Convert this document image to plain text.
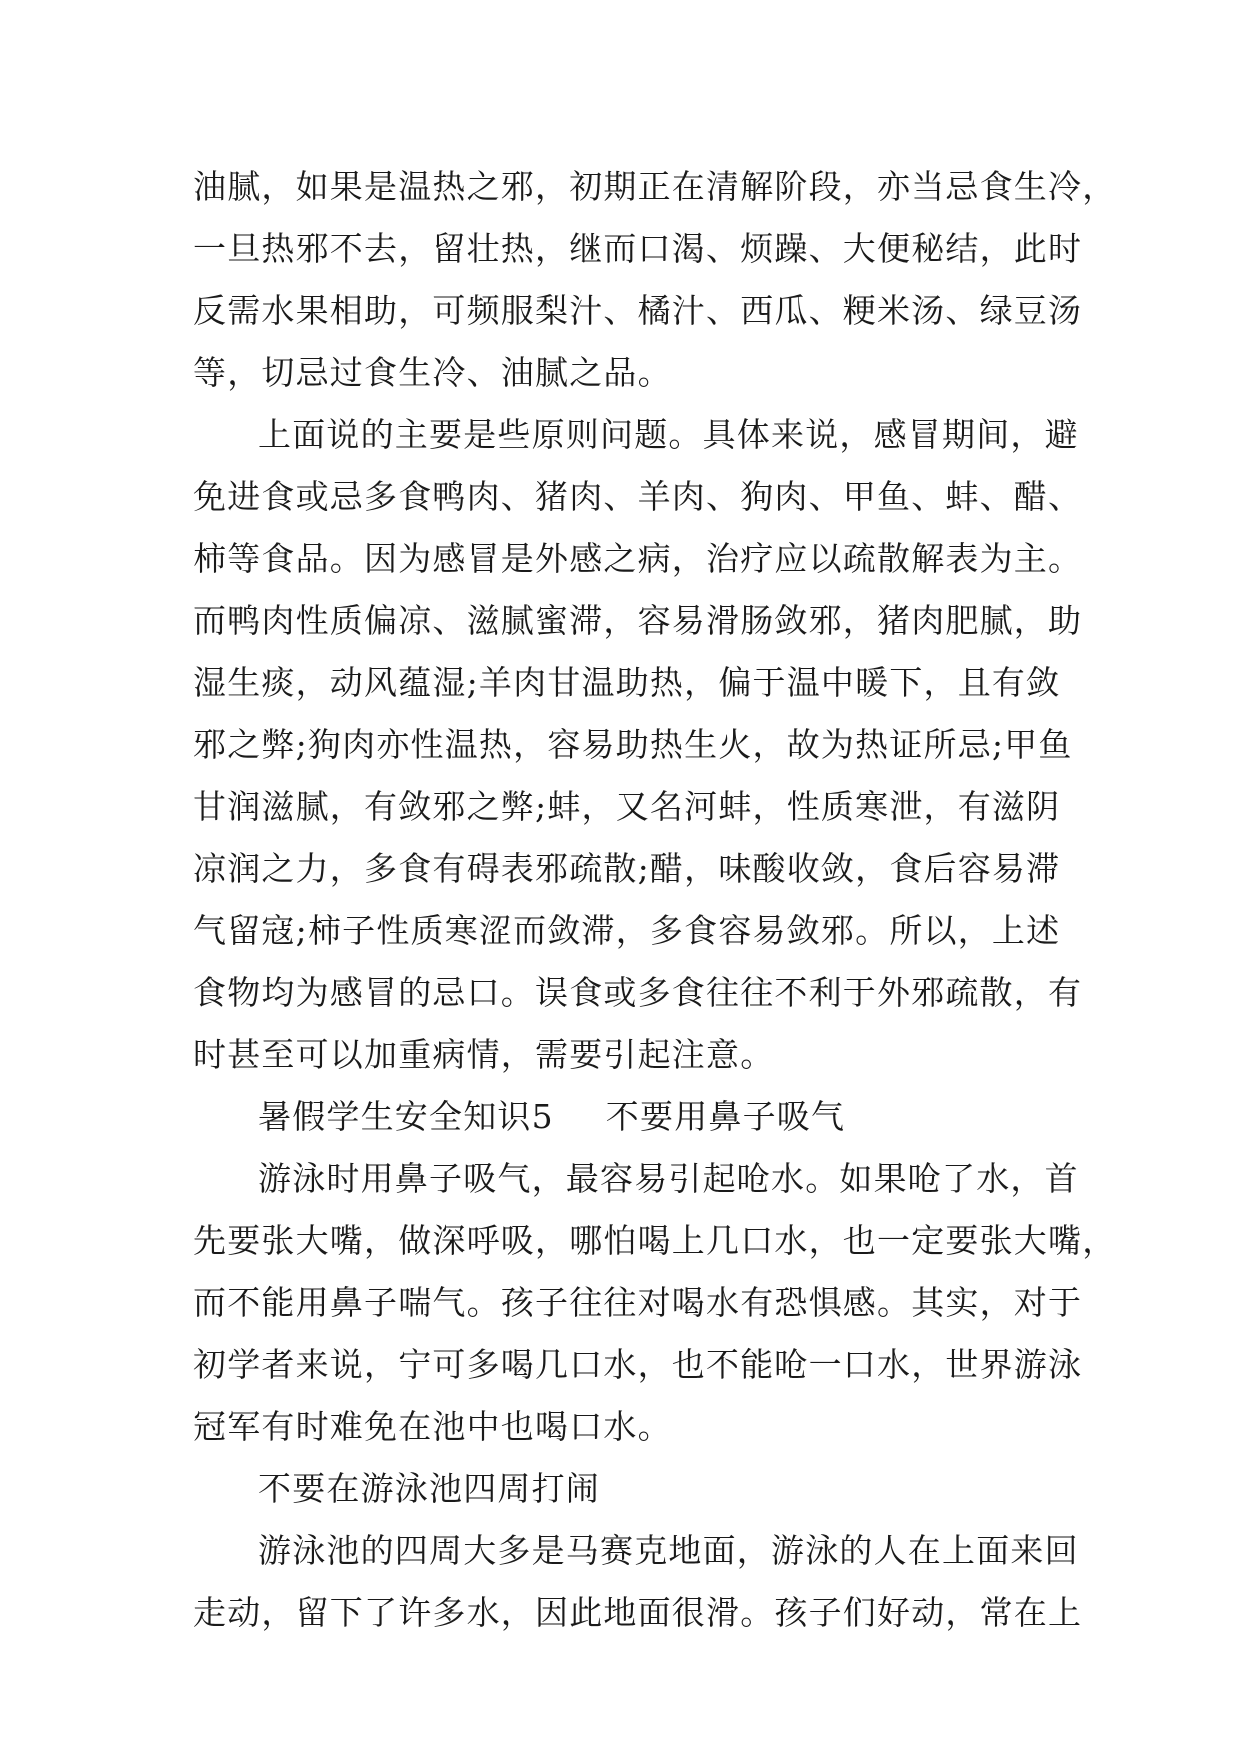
油腻，如果是温热之邪，初期正在清解阶段，亦当忌食生冷，
一旦热邪不去，留壮热，继而口渴、烦躁、大便秘结，此时
反需水果相助，可频服梨汁、橘汁、西瓜、粳米汤、绿豆汤
等，切忌过食生冷、油腻之品。
上面说的主要是些原则问题。具体来说，感冒期间，避
免进食或忌多食鸭肉、猪肉、羊肉、狗肉、甲鱼、蚌、醋、
柿等食品。因为感冒是外感之病，治疗应以疏散解表为主。
而鸭肉性质偏凉、滋腻蜜滞，容易滑肠敛邪，猪肉肥腻，助
湿生痰，动风蕴湿;羊肉甘温助热，偏于温中暖下，且有敛
邪之弊;狗肉亦性温热，容易助热生火，故为热证所忌;甲鱼
甘润滋腻，有敛邪之弊;蚌，又名河蚌，性质寒泄，有滋阴
凉润之力，多食有碍表邪疏散;醋，味酸收敛，食后容易滞
气留寇;柿子性质寒涩而敛滞，多食容易敛邪。所以，上述
食物均为感冒的忌口。误食或多食往往不利于外邪疏散，有
时甚至可以加重病情，需要引起注意。
暑假学生安全知识5 不要用鼻子吸气
游泳时用鼻子吸气，最容易引起呛水。如果呛了水，首
先要张大嘴，做深呼吸，哪怕喝上几口水，也一定要张大嘴，
而不能用鼻子喘气。孩子往往对喝水有恐惧感。其实，对于
初学者来说，宁可多喝几口水，也不能呛一口水，世界游泳
冠军有时难免在池中也喝口水。
不要在游泳池四周打闹
游泳池的四周大多是马赛克地面，游泳的人在上面来回
走动，留下了许多水，因此地面很滑。孩子们好动，常在上
